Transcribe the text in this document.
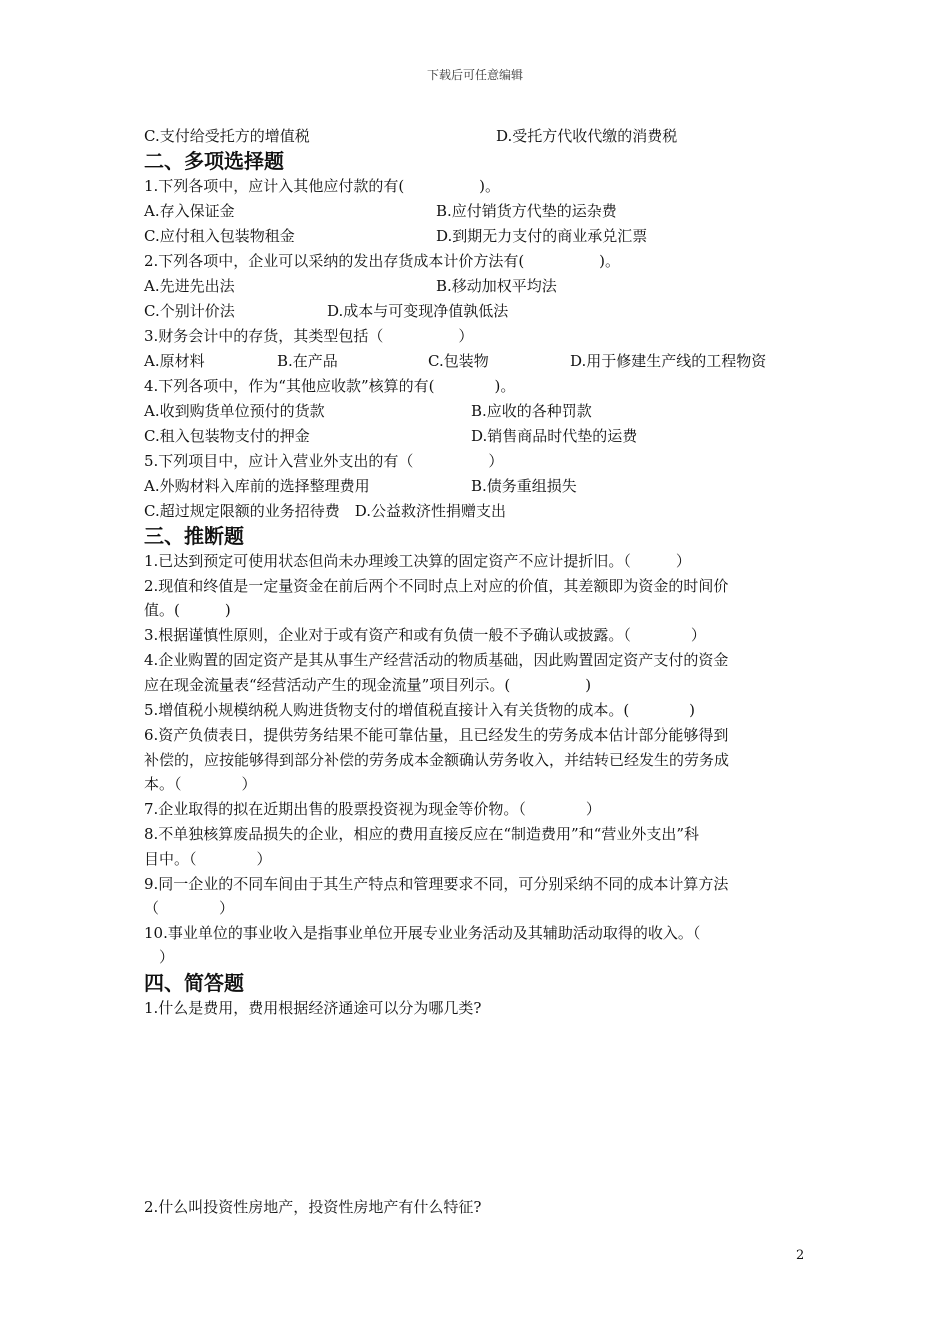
下载后可任意编辑
C.支付给受托方的增值税	D.受托方代收代缴的消费税
二、多项选择题
1.下列各项中，应计入其他应付款的有(　　　　　)。
A.存入保证金	B.应付销货方代垫的运杂费
C.应付租入包装物租金	D.到期无力支付的商业承兑汇票
2.下列各项中，企业可以采纳的发出存货成本计价方法有(　　　　　)。
A.先进先出法	B.移动加权平均法
C.个别计价法	D.成本与可变现净值孰低法
3.财务会计中的存货，其类型包括（　　　　　）
A.原材料	B.在产品	C.包装物	D.用于修建生产线的工程物资
4.下列各项中，作为“其他应收款”核算的有(　　　　)。
A.收到购货单位预付的货款	B.应收的各种罚款
C.租入包装物支付的押金	D.销售商品时代垫的运费
5.下列项目中，应计入营业外支出的有（　　　　　）
A.外购材料入库前的选择整理费用	B.债务重组损失
C.超过规定限额的业务招待费　D.公益救济性捐赠支出
三、推断题
1.已达到预定可使用状态但尚未办理竣工决算的固定资产不应计提折旧。（　　　）
2.现值和终值是一定量资金在前后两个不同时点上对应的价值，其差额即为资金的时间价
值。(　　　)
3.根据谨慎性原则，企业对于或有资产和或有负债一般不予确认或披露。（　　　　）
4.企业购置的固定资产是其从事生产经营活动的物质基础，因此购置固定资产支付的资金
应在现金流量表“经营活动产生的现金流量”项目列示。(　　　　　)
5.增值税小规模纳税人购进货物支付的增值税直接计入有关货物的成本。(　　　　)
6.资产负债表日，提供劳务结果不能可靠估量，且已经发生的劳务成本估计部分能够得到
补偿的，应按能够得到部分补偿的劳务成本金额确认劳务收入，并结转已经发生的劳务成
本。（　　　　）
7.企业取得的拟在近期出售的股票投资视为现金等价物。（　　　　）
8.不单独核算废品损失的企业，相应的费用直接反应在“制造费用”和“营业外支出”科
目中。（　　　　）
9.同一企业的不同车间由于其生产特点和管理要求不同，可分别采纳不同的成本计算方法
（　　　　）
10.事业单位的事业收入是指事业单位开展专业业务活动及其辅助活动取得的收入。（
　）
四、简答题
1.什么是费用，费用根据经济通途可以分为哪几类?
2.什么叫投资性房地产，投资性房地产有什么特征?
2
